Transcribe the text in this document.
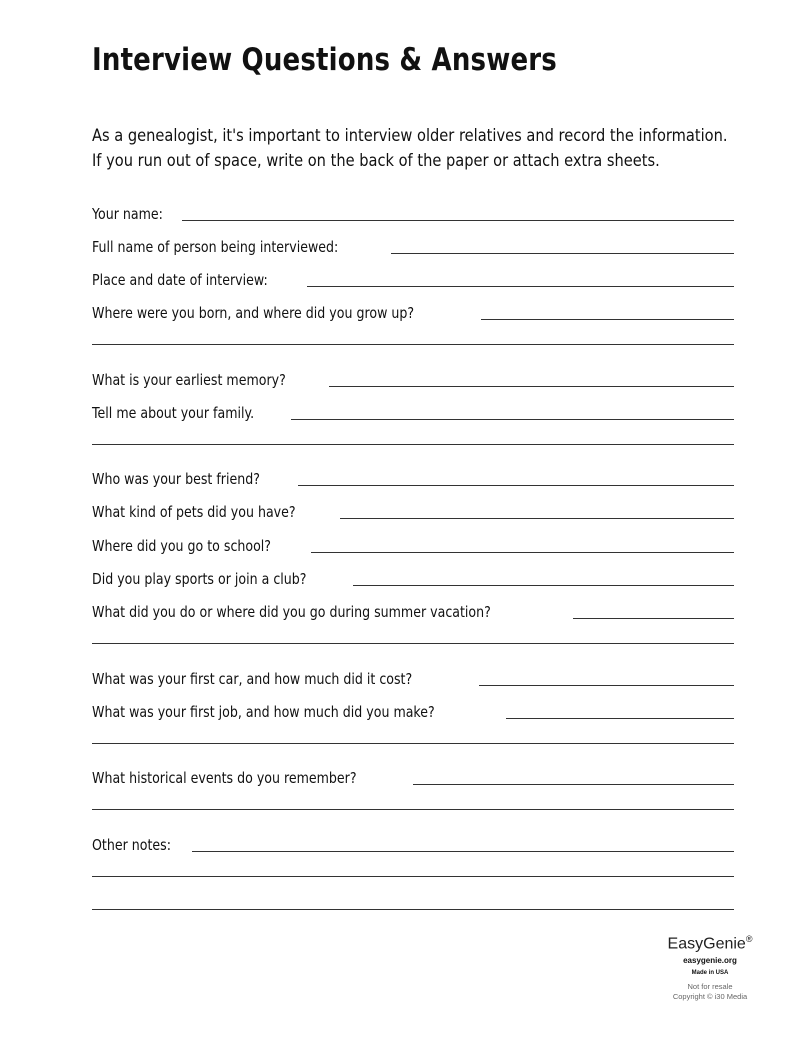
Interview Questions & Answers
As a genealogist, it's important to interview older relatives and record the information.
If you run out of space, write on the back of the paper or attach extra sheets.
Your name:
Full name of person being interviewed:
Place and date of interview:
Where were you born, and where did you grow up?
What is your earliest memory?
Tell me about your family.
Who was your best friend?
What kind of pets did you have?
Where did you go to school?
Did you play sports or join a club?
What did you do or where did you go during summer vacation?
What was your first car, and how much did it cost?
What was your first job, and how much did you make?
What historical events do you remember?
Other notes:
EasyGenie®
easygenie.org
Made in USA
Not for resale
Copyright © i30 Media
